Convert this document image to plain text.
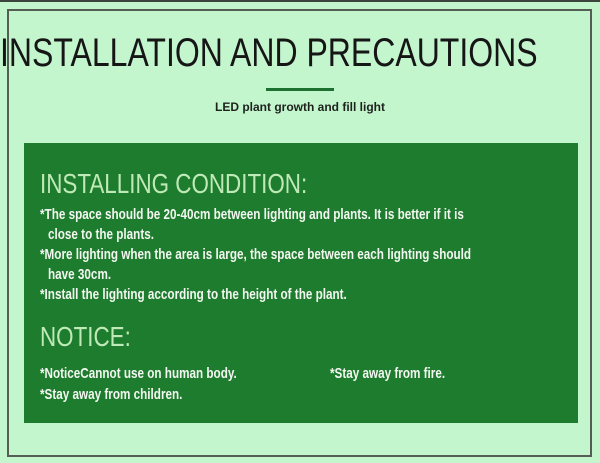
INSTALLATION AND PRECAUTIONS
LED plant growth and fill light
INSTALLING CONDITION:
*The space should be 20-40cm between lighting and plants. It is better if it is
close to the plants.
*More lighting when the area is large, the space between each lighting should
have 30cm.
*Install the lighting according to the height of the plant.
NOTICE:
*NoticeCannot use on human body.	*Stay away from fire.
*Stay away from children.
